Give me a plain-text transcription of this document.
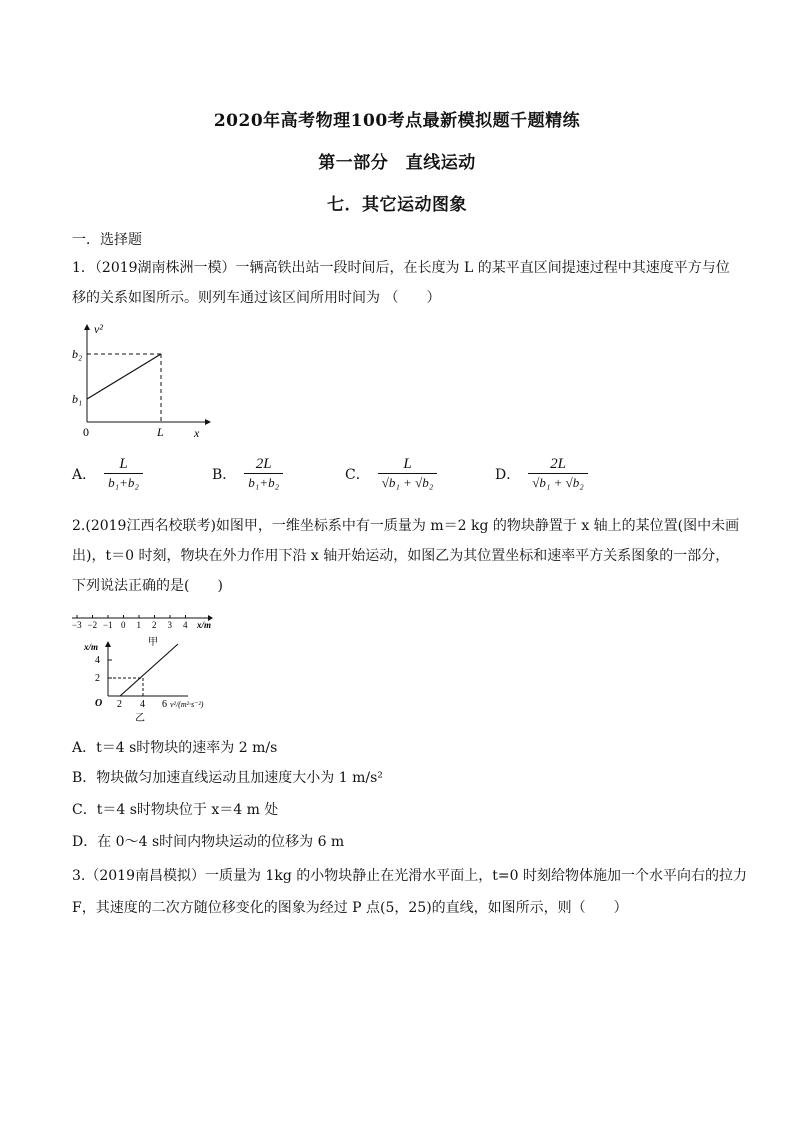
2020年高考物理100考点最新模拟题千题精练
第一部分　直线运动
七．其它运动图象
一．选择题
1．（2019湖南株洲一模）一辆高铁出站一段时间后，在长度为 L 的某平直区间提速过程中其速度平方与位
移的关系如图所示。则列车通过该区间所用时间为 （　　）
v²
b₂
b₁
0	L	x
A． $\frac{L}{\text{b₁+b₂}}$	B． $\frac{2L}{\text{b₁+b₂}}$	C． $\frac{L}{\text{√b₁ + √b₂}}$	D． $\frac{2L}{\text{√b₁ + √b₂}}$
2.(2019江西名校联考)如图甲，一维坐标系中有一质量为 m＝2 kg 的物块静置于 x 轴上的某位置(图中未画
出)，t＝0 时刻，物块在外力作用下沿 x 轴开始运动，如图乙为其位置坐标和速率平方关系图象的一部分，
下列说法正确的是(　　)
−3 −2 −1 0 1 2 3 4 x/m
甲
x/m
4
2
O 2 4 6 v²/(m²·s⁻²)
乙
A．t＝4 s时物块的速率为 2 m/s
B．物块做匀加速直线运动且加速度大小为 1 m/s²
C．t＝4 s时物块位于 x＝4 m 处
D．在 0～4 s时间内物块运动的位移为 6 m
3.（2019南昌模拟）一质量为 1kg 的小物块静止在光滑水平面上，t=0 时刻给物体施加一个水平向右的拉力
F，其速度的二次方随位移变化的图象为经过 P 点(5，25)的直线，如图所示，则（　　）
